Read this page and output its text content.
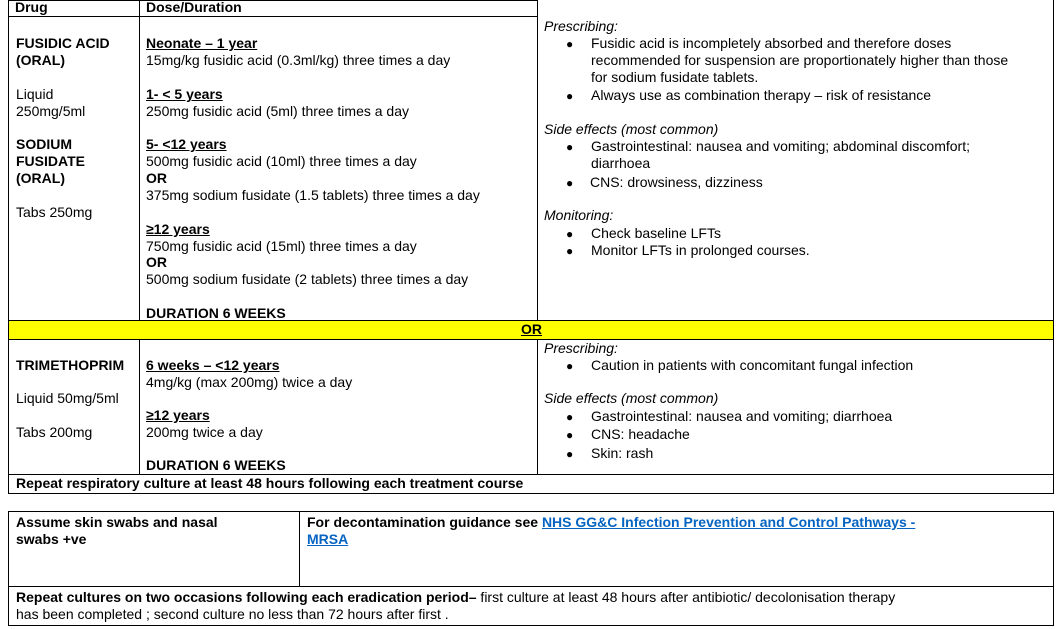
Drug	Dose/Duration
FUSIDIC ACID
(ORAL)
Liquid
250mg/5ml
SODIUM
FUSIDATE
(ORAL)
Tabs 250mg
Neonate – 1 year
15mg/kg fusidic acid (0.3ml/kg) three times a day
1- < 5 years
250mg fusidic acid (5ml) three times a day
5- <12 years
500mg fusidic acid (10ml) three times a day
OR
375mg sodium fusidate (1.5 tablets) three times a day
≥12 years
750mg fusidic acid (15ml) three times a day
OR
500mg sodium fusidate (2 tablets) three times a day
DURATION 6 WEEKS
Prescribing:
● Fusidic acid is incompletely absorbed and therefore doses
recommended for suspension are proportionately higher than those
for sodium fusidate tablets.
● Always use as combination therapy – risk of resistance
Side effects (most common)
● Gastrointestinal: nausea and vomiting; abdominal discomfort;
diarrhoea
● CNS: drowsiness, dizziness
Monitoring:
● Check baseline LFTs
● Monitor LFTs in prolonged courses.
OR
TRIMETHOPRIM
Liquid 50mg/5ml
Tabs 200mg
6 weeks – <12 years
4mg/kg (max 200mg) twice a day
≥12 years
200mg twice a day
DURATION 6 WEEKS
Prescribing:
● Caution in patients with concomitant fungal infection
Side effects (most common)
● Gastrointestinal: nausea and vomiting; diarrhoea
● CNS: headache
● Skin: rash
Repeat respiratory culture at least 48 hours following each treatment course
Assume skin swabs and nasal
swabs +ve
For decontamination guidance see NHS GG&C Infection Prevention and Control Pathways -
MRSA
Repeat cultures on two occasions following each eradication period– first culture at least 48 hours after antibiotic/ decolonisation therapy
has been completed ; second culture no less than 72 hours after first .
